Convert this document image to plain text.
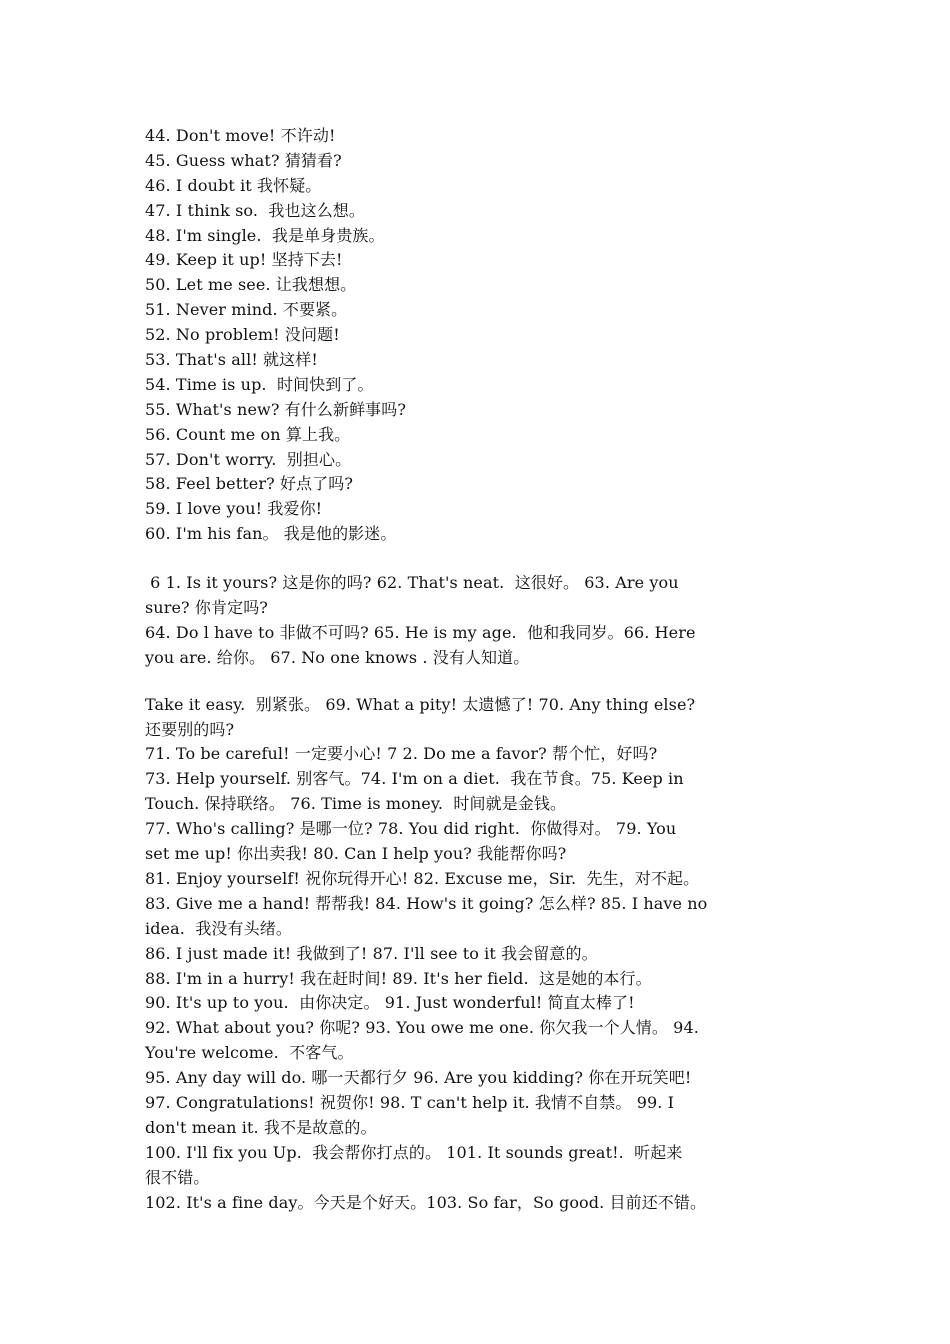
44. Don't move! 不许动!
45. Guess what? 猜猜看?
46. I doubt it 我怀疑。
47. I think so.  我也这么想。
48. I'm single.  我是单身贵族。
49. Keep it up! 坚持下去!
50. Let me see. 让我想想。
51. Never mind. 不要紧。
52. No problem! 没问题!
53. That's all! 就这样!
54. Time is up.  时间快到了。
55. What's new? 有什么新鲜事吗?
56. Count me on 算上我。
57. Don't worry.  别担心。
58. Feel better? 好点了吗?
59. I love you! 我爱你!
60. I'm his fan。 我是他的影迷。
6 1. Is it yours? 这是你的吗? 62. That's neat.  这很好。 63. Are you
sure? 你肯定吗?
64. Do l have to 非做不可吗? 65. He is my age.  他和我同岁。66. Here
you are. 给你。 67. No one knows . 没有人知道。
Take it easy.  别紧张。 69. What a pity! 太遗憾了! 70. Any thing else?
还要别的吗?
71. To be careful! 一定要小心! 7 2. Do me a favor? 帮个忙，好吗?
73. Help yourself. 别客气。74. I'm on a diet.  我在节食。75. Keep in
Touch. 保持联络。 76. Time is money.  时间就是金钱。
77. Who's calling? 是哪一位? 78. You did right.  你做得对。 79. You
set me up! 你出卖我! 80. Can I help you? 我能帮你吗?
81. Enjoy yourself! 祝你玩得开心! 82. Excuse me，Sir.  先生，对不起。
83. Give me a hand! 帮帮我! 84. How's it going? 怎么样? 85. I have no
idea.  我没有头绪。
86. I just made it! 我做到了! 87. I'll see to it 我会留意的。
88. I'm in a hurry! 我在赶时间! 89. It's her field.  这是她的本行。
90. It's up to you.  由你决定。 91. Just wonderful! 简直太棒了!
92. What about you? 你呢? 93. You owe me one. 你欠我一个人情。 94.
You're welcome.  不客气。
95. Any day will do. 哪一天都行夕 96. Are you kidding? 你在开玩笑吧!
97. Congratulations! 祝贺你! 98. T can't help it. 我情不自禁。 99. I
don't mean it. 我不是故意的。
100. I'll fix you Up.  我会帮你打点的。 101. It sounds great!.  听起来
很不错。
102. It's a fine day。今天是个好天。103. So far，So good. 目前还不错。
